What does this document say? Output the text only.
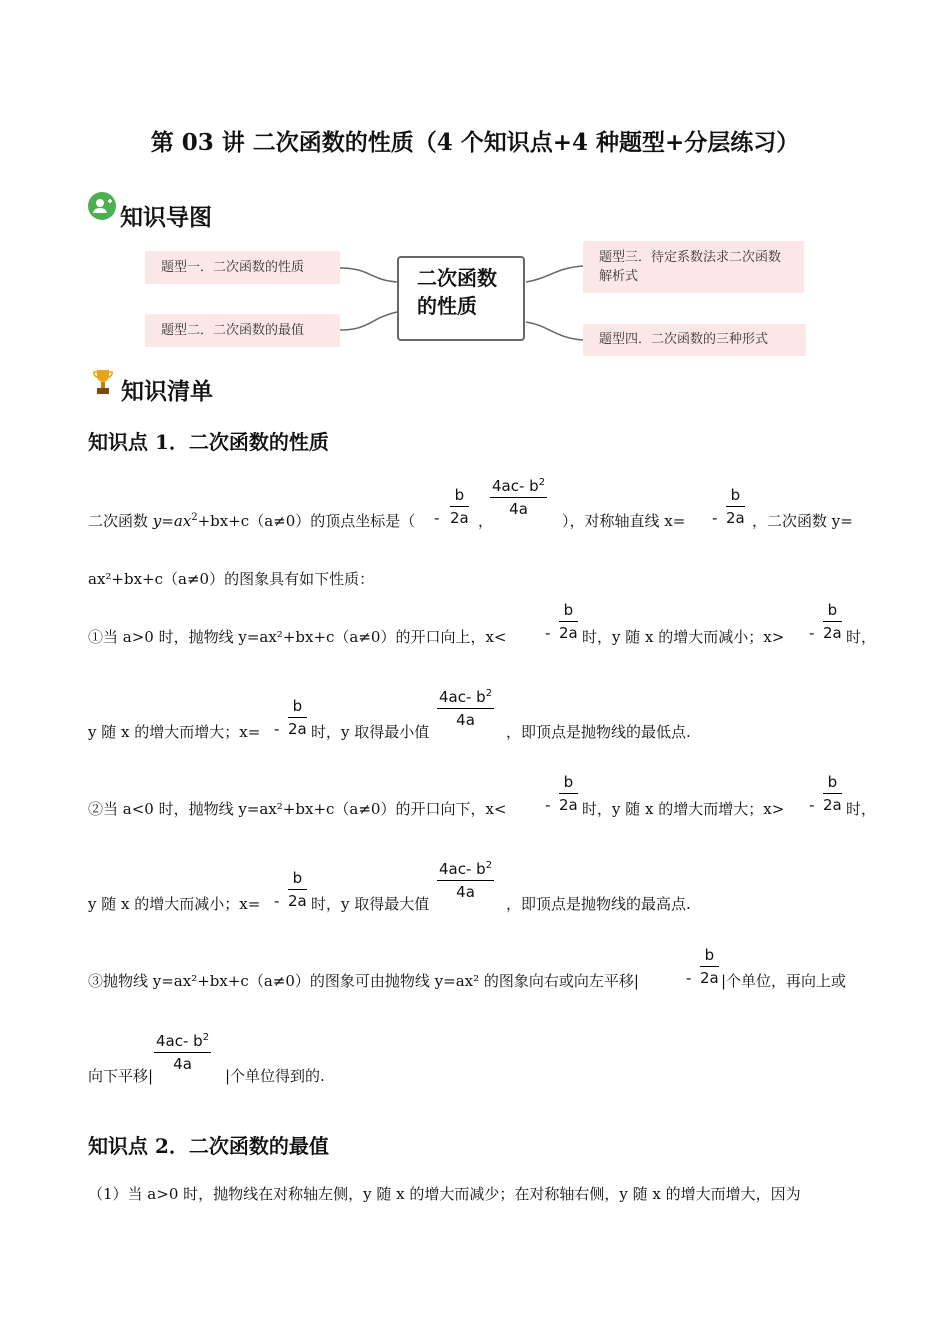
第 03 讲 二次函数的性质（4 个知识点+4 种题型+分层练习）
知识导图
题型一．二次函数的性质
题型二．二次函数的最值
二次函数
的性质
题型三．待定系数法求二次函数解析式
题型四．二次函数的三种形式
知识清单
知识点 1．二次函数的性质
二次函数 $y=ax^2+bx+c(a\ne 0)$的顶点坐标是（ -
b
2a ，
$\frac{4ac- b^2}{4a}$
），对称轴直线 x= -
b
2a ，二次函数 y=
ax²+bx+c（a≠0）的图象具有如下性质：
①当 a>0 时，抛物线 y=ax²+bx+c（a≠0）的开口向上，x<	-
b
2a 时，y 随 x 的增大而减小；x> -
b
2a 时，
y 随 x 的增大而增大；x= -
b
2a 时，y 取得最小值
$\frac{4ac- b^2}{4a}$
，即顶点是抛物线的最低点.
②当 a<0 时，抛物线 y=ax²+bx+c（a≠0）的开口向下，x<	-
b
2a 时，y 随 x 的增大而增大；x> -
b
2a 时，
y 随 x 的增大而减小；x= -
b
2a 时，y 取得最大值
$\frac{4ac- b^2}{4a}$
，即顶点是抛物线的最高点.
③抛物线 y=ax²+bx+c（a≠0）的图象可由抛物线 y=ax² 的图象向右或向左平移|	-
b
2a |个单位，再向上或
向下平移|
$\frac{4ac- b^2}{4a}$
|个单位得到的.
知识点 2．二次函数的最值
（1）当 a>0 时，抛物线在对称轴左侧，y 随 x 的增大而减少；在对称轴右侧，y 随 x 的增大而增大，因为
